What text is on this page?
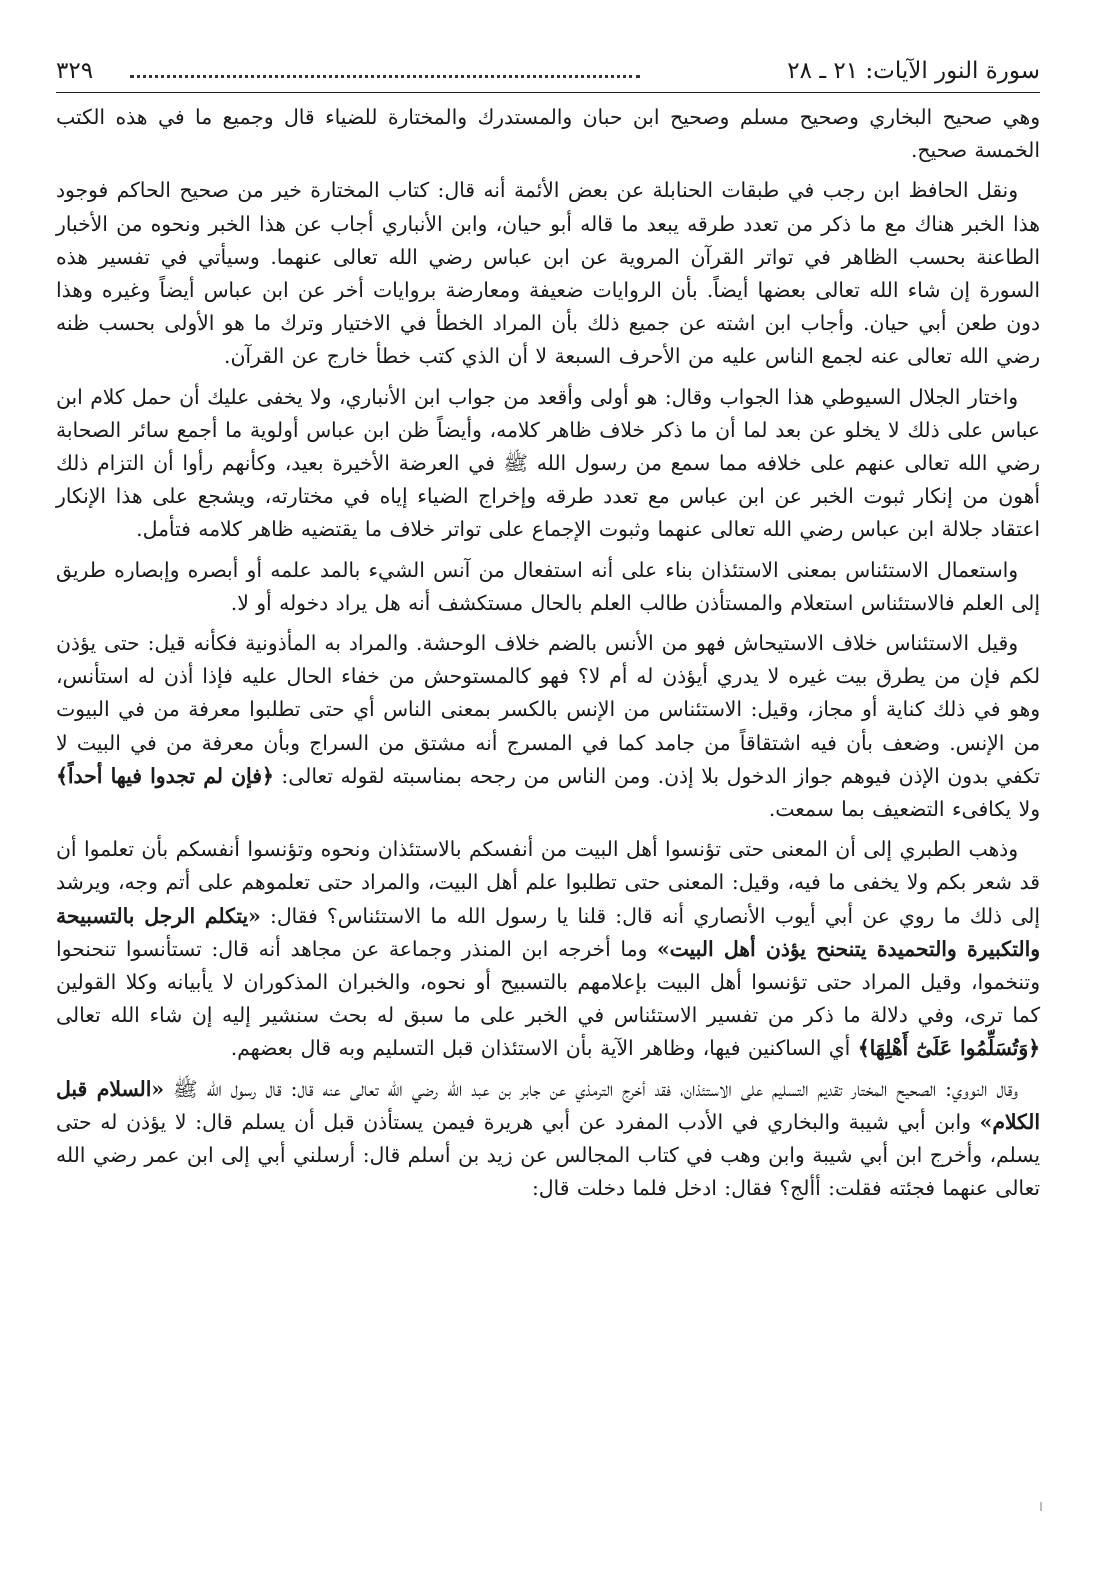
سورة النور الآيات: ٢١ ـ ٢٨
٣٢٩

وهي صحيح البخاري وصحيح مسلم وصحيح ابن حبان والمستدرك والمختارة للضياء قال وجميع ما في هذه الكتب الخمسة صحيح.

ونقل الحافظ ابن رجب في طبقات الحنابلة عن بعض الأئمة أنه قال: كتاب المختارة خير من صحيح الحاكم فوجود هذا الخبر هناك مع ما ذكر من تعدد طرقه يبعد ما قاله أبو حيان، وابن الأنباري أجاب عن هذا الخبر ونحوه من الأخبار الطاعنة بحسب الظاهر في تواتر القرآن المروية عن ابن عباس رضي الله تعالى عنهما. وسيأتي في تفسير هذه السورة إن شاء الله تعالى بعضها أيضاً. بأن الروايات ضعيفة ومعارضة بروايات أخر عن ابن عباس أيضاً وغيره وهذا دون طعن أبي حيان. وأجاب ابن اشته عن جميع ذلك بأن المراد الخطأ في الاختيار وترك ما هو الأولى بحسب ظنه رضي الله تعالى عنه لجمع الناس عليه من الأحرف السبعة لا أن الذي كتب خطأ خارج عن القرآن.

واختار الجلال السيوطي هذا الجواب وقال: هو أولى وأقعد من جواب ابن الأنباري، ولا يخفى عليك أن حمل كلام ابن عباس على ذلك لا يخلو عن بعد لما أن ما ذكر خلاف ظاهر كلامه، وأيضاً ظن ابن عباس أولوية ما أجمع سائر الصحابة رضي الله تعالى عنهم على خلافه مما سمع من رسول الله ﷺ في العرضة الأخيرة بعيد، وكأنهم رأوا أن التزام ذلك أهون من إنكار ثبوت الخبر عن ابن عباس مع تعدد طرقه وإخراج الضياء إياه في مختارته، ويشجع على هذا الإنكار اعتقاد جلالة ابن عباس رضي الله تعالى عنهما وثبوت الإجماع على تواتر خلاف ما يقتضيه ظاهر كلامه فتأمل.

واستعمال الاستئناس بمعنى الاستئذان بناء على أنه استفعال من آنس الشيء بالمد علمه أو أبصره وإبصاره طريق إلى العلم فالاستئناس استعلام والمستأذن طالب العلم بالحال مستكشف أنه هل يراد دخوله أو لا.

وقيل الاستئناس خلاف الاستيحاش فهو من الأنس بالضم خلاف الوحشة. والمراد به المأذونية فكأنه قيل: حتى يؤذن لكم فإن من يطرق بيت غيره لا يدري أيؤذن له أم لا؟ فهو كالمستوحش من خفاء الحال عليه فإذا أذن له استأنس، وهو في ذلك كناية أو مجاز، وقيل: الاستئناس من الإنس بالكسر بمعنى الناس أي حتى تطلبوا معرفة من في البيوت من الإنس. وضعف بأن فيه اشتقاقاً من جامد كما في المسرج أنه مشتق من السراج وبأن معرفة من في البيت لا تكفي بدون الإذن فيوهم جواز الدخول بلا إذن. ومن الناس من رجحه بمناسبته لقوله تعالى: ﴿فإن لم تجدوا فيها أحداً﴾ ولا يكافىء التضعيف بما سمعت.

وذهب الطبري إلى أن المعنى حتى تؤنسوا أهل البيت من أنفسكم بالاستئذان ونحوه وتؤنسوا أنفسكم بأن تعلموا أن قد شعر بكم ولا يخفى ما فيه، وقيل: المعنى حتى تطلبوا علم أهل البيت، والمراد حتى تعلموهم على أتم وجه، ويرشد إلى ذلك ما روي عن أبي أيوب الأنصاري أنه قال: قلنا يا رسول الله ما الاستئناس؟ فقال: «يتكلم الرجل بالتسبيحة والتكبيرة والتحميدة يتنحنح يؤذن أهل البيت» وما أخرجه ابن المنذر وجماعة عن مجاهد أنه قال: تستأنسوا تنحنحوا وتنخموا، وقيل المراد حتى تؤنسوا أهل البيت بإعلامهم بالتسبيح أو نحوه، والخبران المذكوران لا يأبيانه وكلا القولين كما ترى، وفي دلالة ما ذكر من تفسير الاستئناس في الخبر على ما سبق له بحث سنشير إليه إن شاء الله تعالى ﴿وَتُسَلِّمُوا عَلَىٰٓ أَهْلِهَا﴾ أي الساكنين فيها، وظاهر الآية بأن الاستئذان قبل التسليم وبه قال بعضهم.

وقال النووي: الصحيح المختار تقديم التسليم على الاستئذان، فقد أخرج الترمذي عن جابر بن عبد الله رضي الله تعالى عنه قال: قال رسول الله ﷺ «السلام قبل الكلام» وابن أبي شيبة والبخاري في الأدب المفرد عن أبي هريرة فيمن يستأذن قبل أن يسلم قال: لا يؤذن له حتى يسلم، وأخرج ابن أبي شيبة وابن وهب في كتاب المجالس عن زيد بن أسلم قال: أرسلني أبي إلى ابن عمر رضي الله تعالى عنهما فجئته فقلت: أألج؟ فقال: ادخل فلما دخلت قال:
